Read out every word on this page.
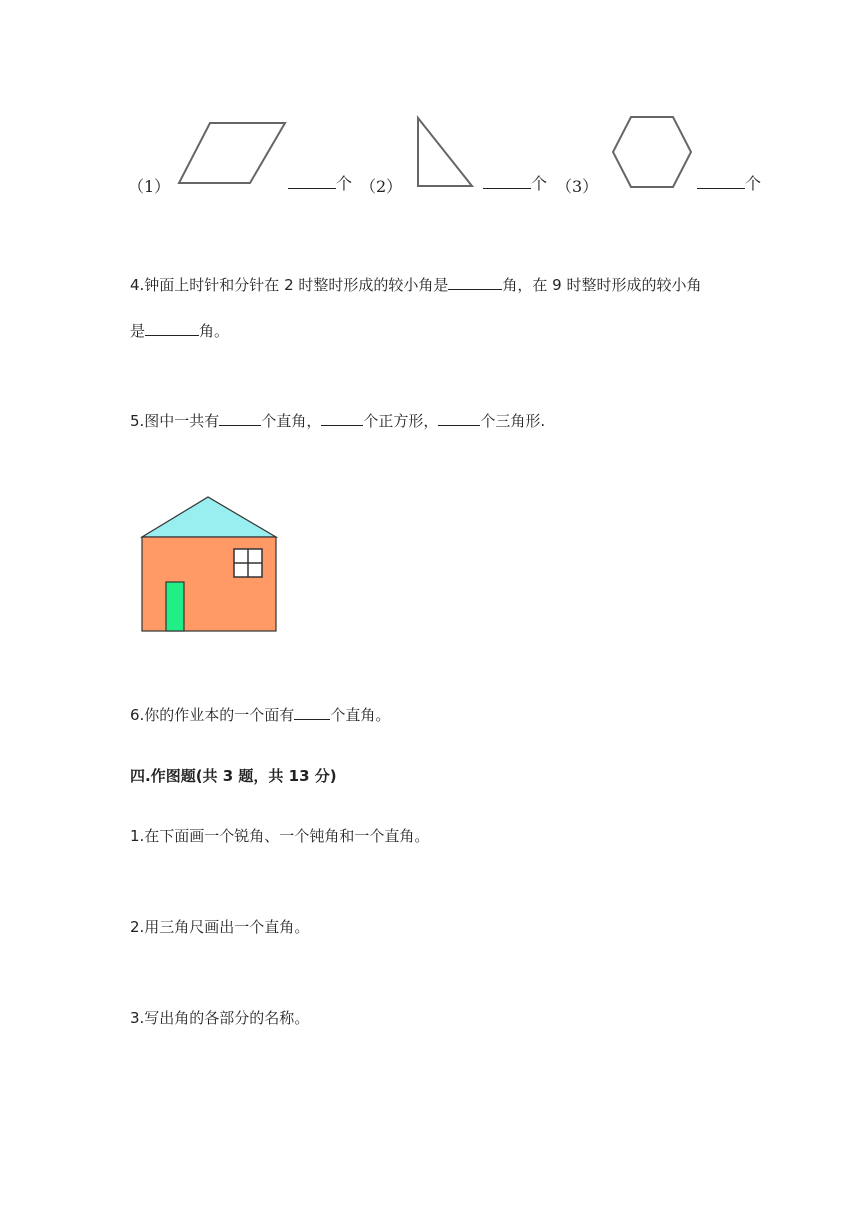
（1）	个 （2）	个 （3）	个
4.钟面上时针和分针在 2 时整时形成的较小角是	角，在 9 时整时形成的较小角
是	角。
5.图中一共有	个直角，	个正方形，	个三角形.
6.你的作业本的一个面有 个直角。
四.作图题(共 3 题，共 13 分)
1.在下面画一个锐角、一个钝角和一个直角。
2.用三角尺画出一个直角。
3.写出角的各部分的名称。
